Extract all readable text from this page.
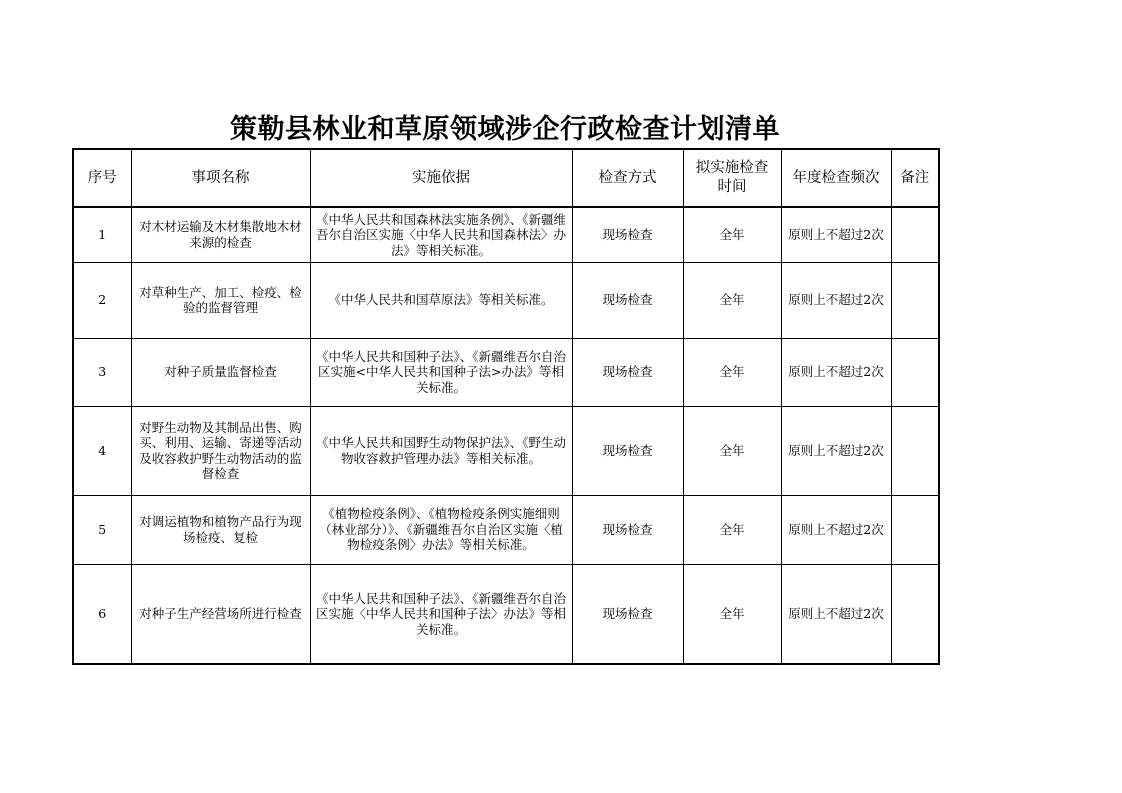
策勒县林业和草原领域涉企行政检查计划清单
序号	事项名称	实施依据	检查方式	拟实施检查时间	年度检查频次	备注
1	对木材运输及木材集散地木材来源的检查	《中华人民共和国森林法实施条例》、《新疆维吾尔自治区实施〈中华人民共和国森林法〉办法》等相关标准。	现场检查	全年	原则上不超过2次	
2	对草种生产、加工、检疫、检验的监督管理	《中华人民共和国草原法》等相关标准。	现场检查	全年	原则上不超过2次	
3	对种子质量监督检查	《中华人民共和国种子法》、《新疆维吾尔自治区实施<中华人民共和国种子法>办法》等相关标准。	现场检查	全年	原则上不超过2次	
4	对野生动物及其制品出售、购买、利用、运输、寄递等活动及收容救护野生动物活动的监督检查	《中华人民共和国野生动物保护法》、《野生动物收容救护管理办法》等相关标准。	现场检查	全年	原则上不超过2次	
5	对调运植物和植物产品行为现场检疫、复检	《植物检疫条例》、《植物检疫条例实施细则（林业部分）》、《新疆维吾尔自治区实施〈植物检疫条例〉办法》等相关标准。	现场检查	全年	原则上不超过2次	
6	对种子生产经营场所进行检查	《中华人民共和国种子法》、《新疆维吾尔自治区实施〈中华人民共和国种子法〉办法》等相关标准。	现场检查	全年	原则上不超过2次	
